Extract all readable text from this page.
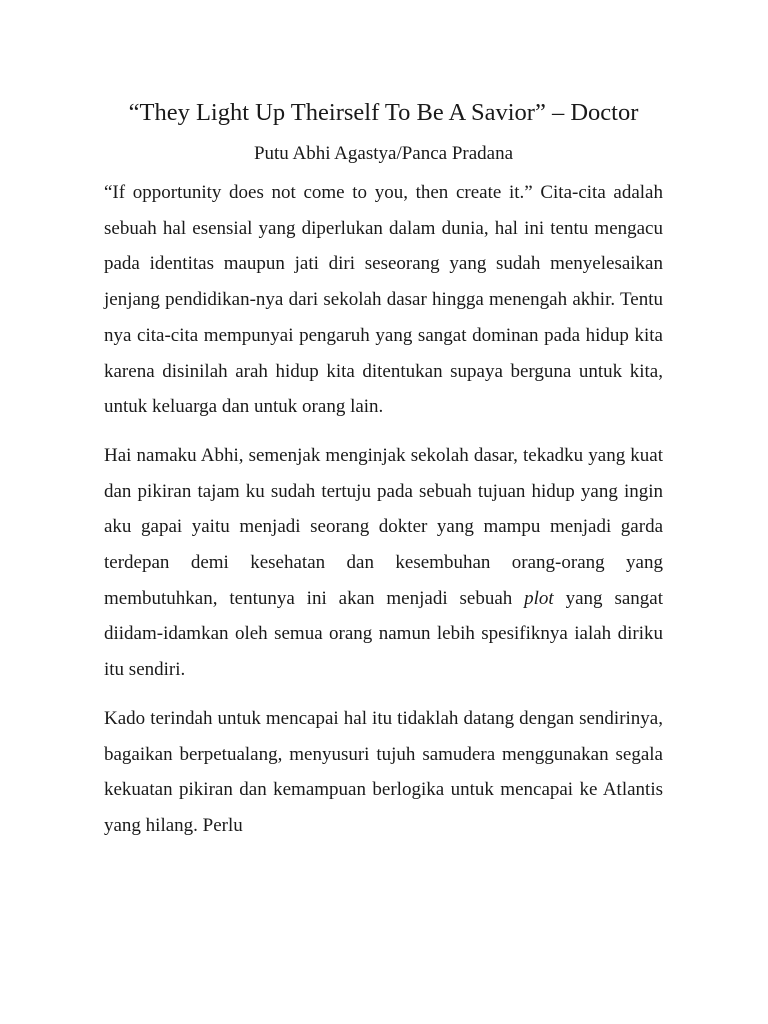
“They Light Up Theirself To Be A Savior” – Doctor

Putu Abhi Agastya/Panca Pradana

“If opportunity does not come to you, then create it.” Cita-cita adalah sebuah hal esensial yang diperlukan dalam dunia, hal ini tentu mengacu pada identitas maupun jati diri seseorang yang sudah menyelesaikan jenjang pendidikan-nya dari sekolah dasar hingga menengah akhir. Tentu nya cita-cita mempunyai pengaruh yang sangat dominan pada hidup kita karena disinilah arah hidup kita ditentukan supaya berguna untuk kita, untuk keluarga dan untuk orang lain.

Hai namaku Abhi, semenjak menginjak sekolah dasar, tekadku yang kuat dan pikiran tajam ku sudah tertuju pada sebuah tujuan hidup yang ingin aku gapai yaitu menjadi seorang dokter yang mampu menjadi garda terdepan demi kesehatan dan kesembuhan orang-orang yang membutuhkan, tentunya ini akan menjadi sebuah plot yang sangat diidam-idamkan oleh semua orang namun lebih spesifiknya ialah diriku itu sendiri.

Kado terindah untuk mencapai hal itu tidaklah datang dengan sendirinya, bagaikan berpetualang, menyusuri tujuh samudera menggunakan segala kekuatan pikiran dan kemampuan berlogika untuk mencapai ke Atlantis yang hilang. Perlu
